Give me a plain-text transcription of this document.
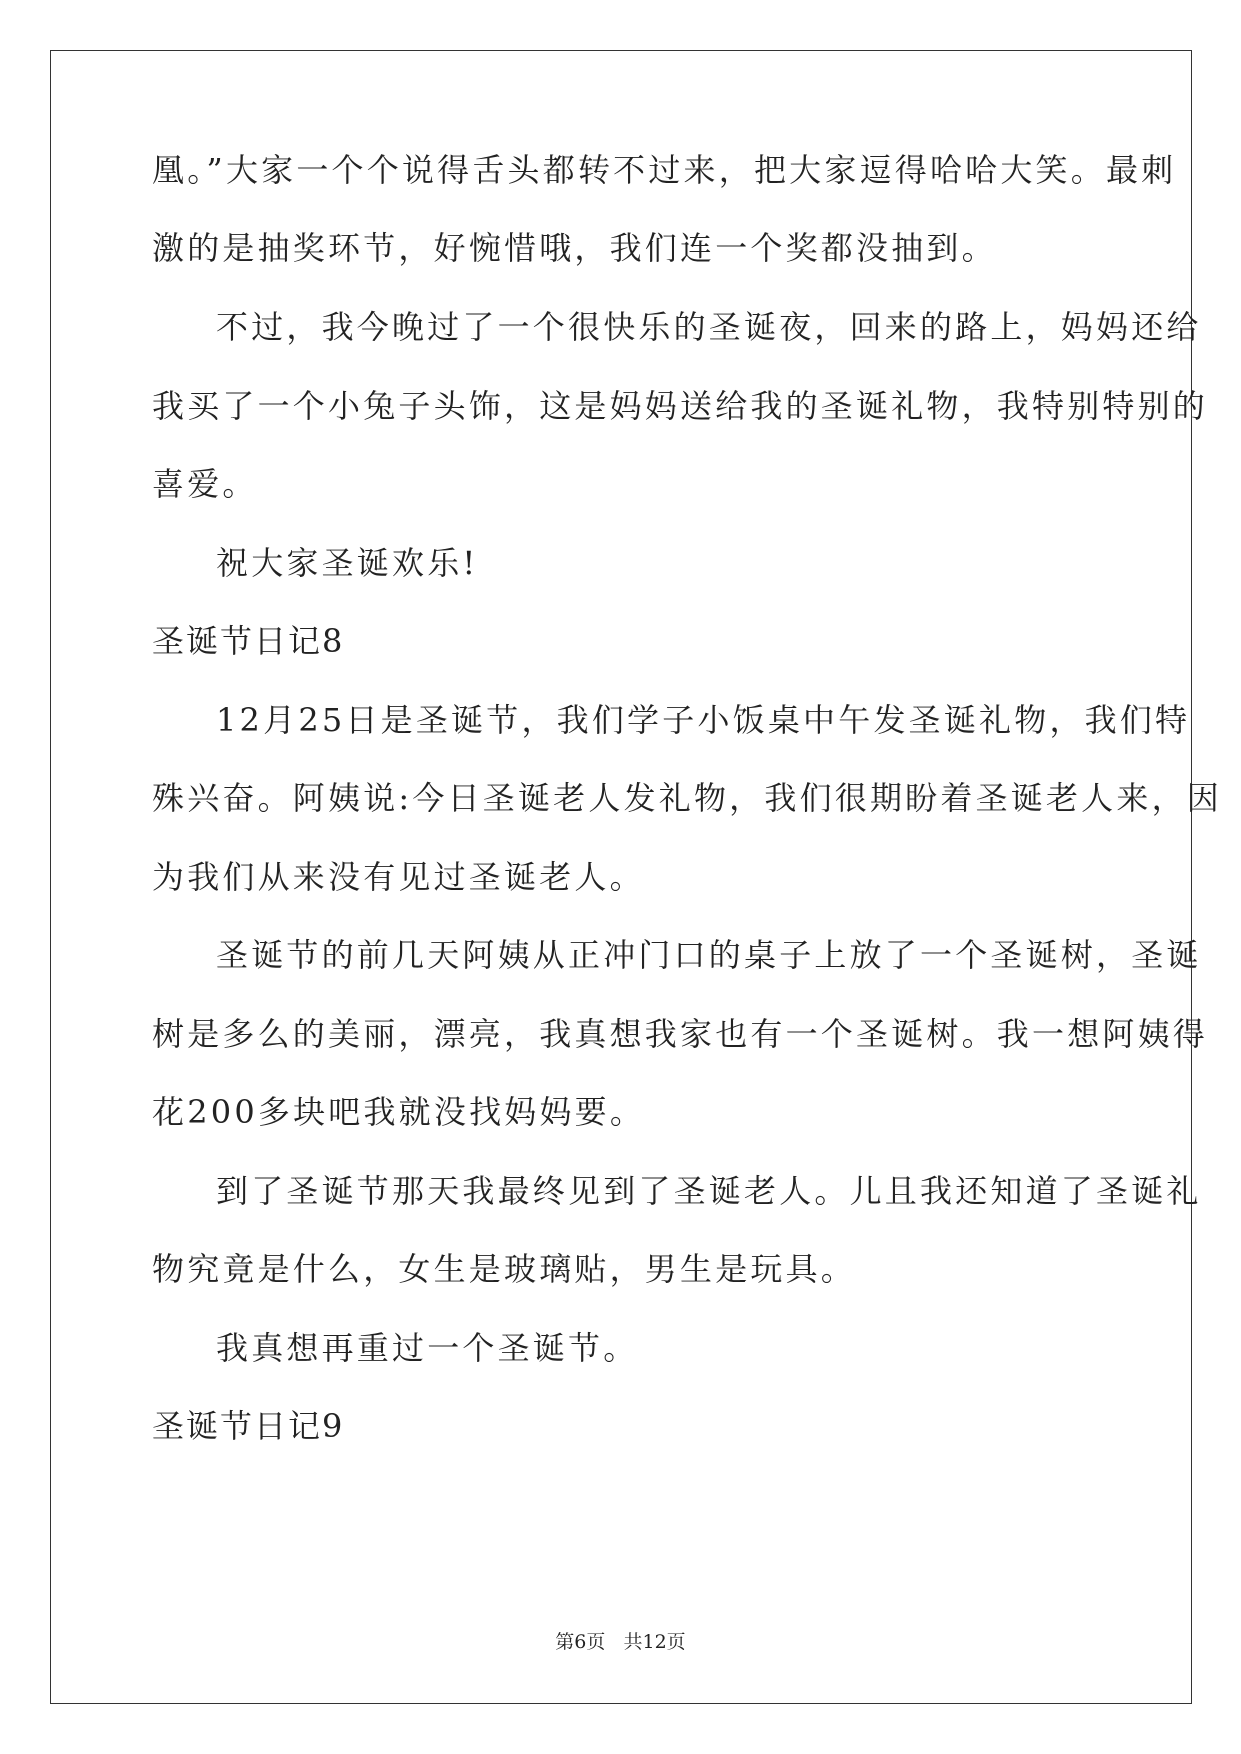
凰。”大家一个个说得舌头都转不过来，把大家逗得哈哈大笑。最刺
激的是抽奖环节，好惋惜哦，我们连一个奖都没抽到。
不过，我今晚过了一个很快乐的圣诞夜，回来的路上，妈妈还给
我买了一个小兔子头饰，这是妈妈送给我的圣诞礼物，我特别特别的
喜爱。
祝大家圣诞欢乐!
圣诞节日记8
12月25日是圣诞节，我们学子小饭桌中午发圣诞礼物，我们特
殊兴奋。阿姨说:今日圣诞老人发礼物，我们很期盼着圣诞老人来，因
为我们从来没有见过圣诞老人。
圣诞节的前几天阿姨从正冲门口的桌子上放了一个圣诞树，圣诞
树是多么的美丽，漂亮，我真想我家也有一个圣诞树。我一想阿姨得
花200多块吧我就没找妈妈要。
到了圣诞节那天我最终见到了圣诞老人。儿且我还知道了圣诞礼
物究竟是什么，女生是玻璃贴，男生是玩具。
我真想再重过一个圣诞节。
圣诞节日记9
第6页   共12页
